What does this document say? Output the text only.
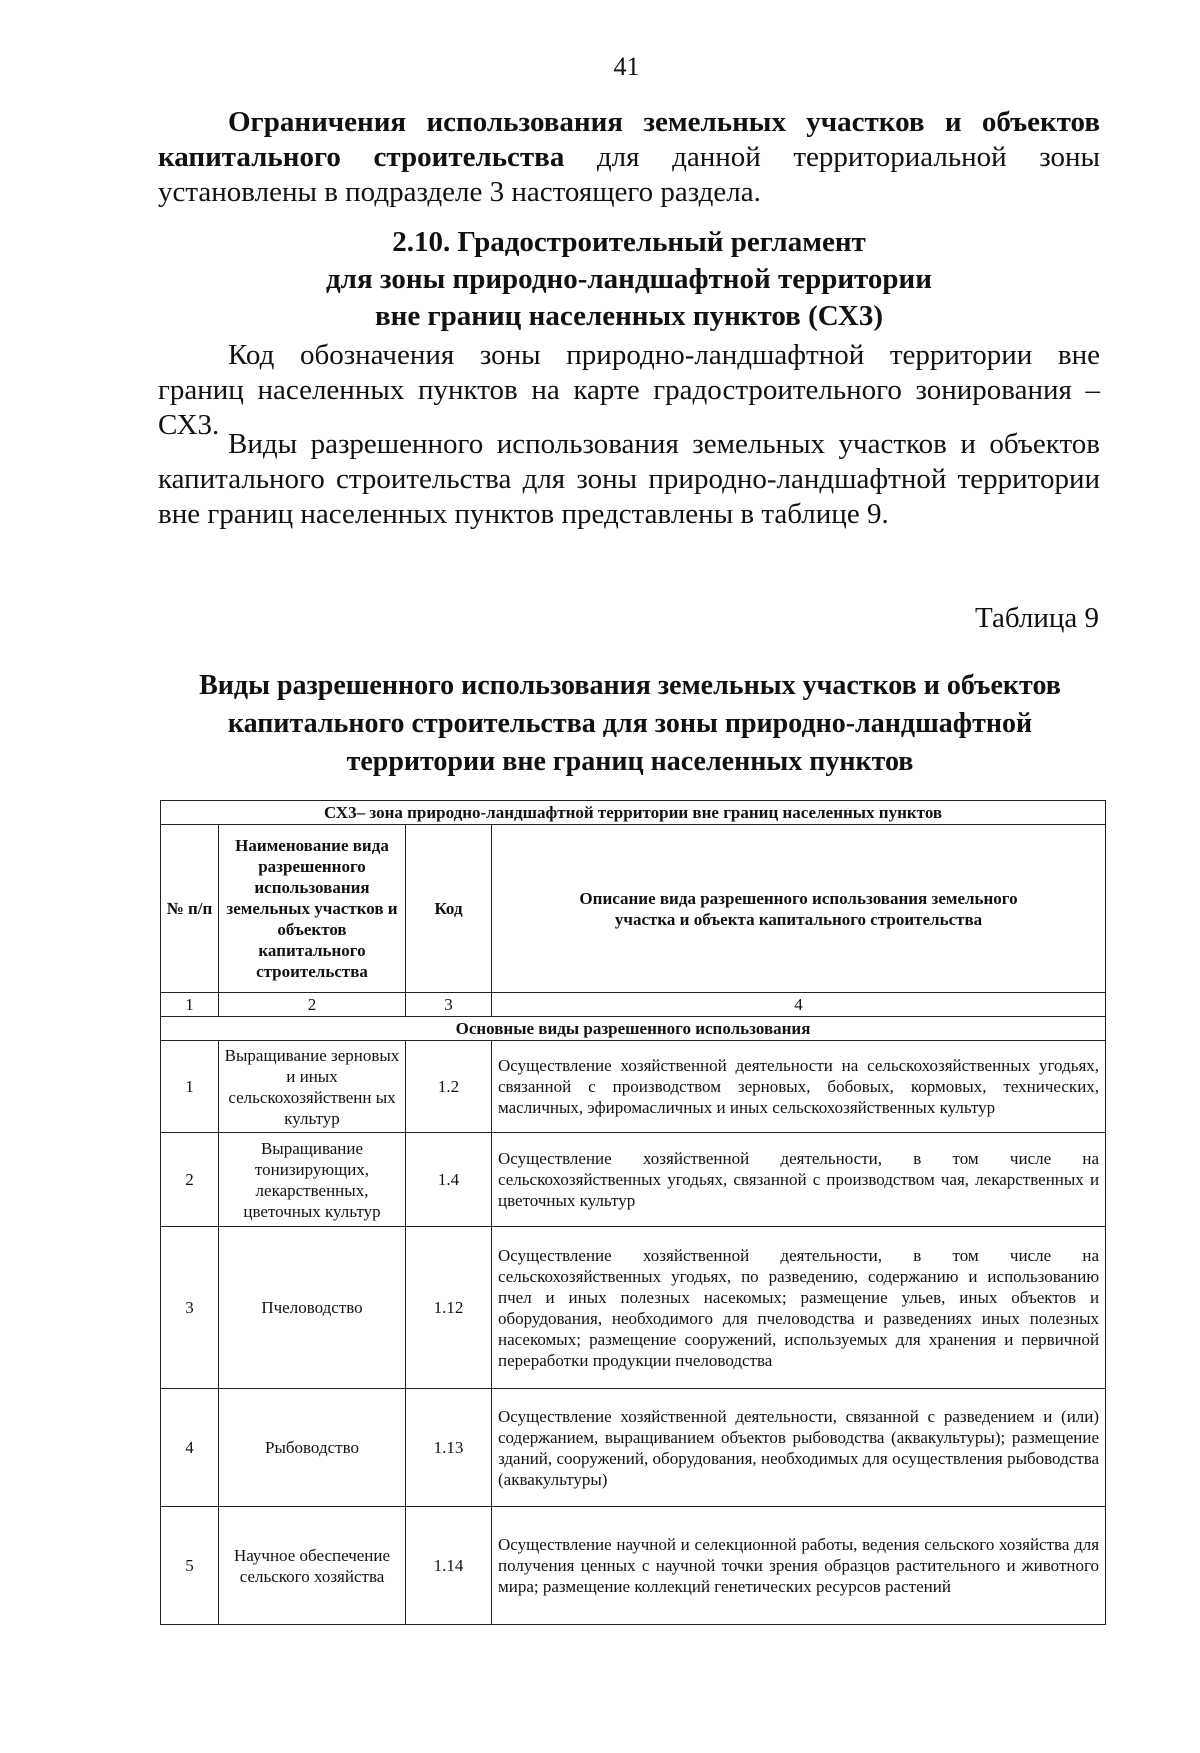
41

Ограничения использования земельных участков и объектов капитального строительства для данной территориальной зоны установлены в подразделе 3 настоящего раздела.

2.10. Градостроительный регламент
для зоны природно-ландшафтной территории
вне границ населенных пунктов (СХ3)

Код обозначения зоны природно-ландшафтной территории вне границ населенных пунктов на карте градостроительного зонирования – СХ3.

Виды разрешенного использования земельных участков и объектов капитального строительства для зоны природно-ландшафтной территории вне границ населенных пунктов представлены в таблице 9.

Таблица 9
Виды разрешенного использования земельных участков и объектов
капитального строительства для зоны природно-ландшафтной
территории вне границ населенных пунктов
СХ3– зона природно-ландшафтной территории вне границ населенных пунктов			
№ п/п	Наименование вида разрешенного использования земельных участков и объектов капитального строительства	Код	Описание вида разрешенного использования земельного участка и объекта капитального строительства
1	2	3	4
Основные виды разрешенного использования			
1	Выращивание зерновых и иных сельскохозяйственн ых культур	1.2	Осуществление хозяйственной деятельности на сельскохозяйственных угодьях, связанной с производством зерновых, бобовых, кормовых, технических, масличных, эфиромасличных и иных сельскохозяйственных культур
2	Выращивание тонизирующих, лекарственных, цветочных культур	1.4	Осуществление хозяйственной деятельности, в том числе на сельскохозяйственных угодьях, связанной с производством чая, лекарственных и цветочных культур
3	Пчеловодство	1.12	Осуществление хозяйственной деятельности, в том числе на сельскохозяйственных угодьях, по разведению, содержанию и использованию пчел и иных полезных насекомых; размещение ульев, иных объектов и оборудования, необходимого для пчеловодства и разведениях иных полезных насекомых; размещение сооружений, используемых для хранения и первичной переработки продукции пчеловодства
4	Рыбоводство	1.13	Осуществление хозяйственной деятельности, связанной с разведением и (или) содержанием, выращиванием объектов рыбоводства (аквакультуры); размещение зданий, сооружений, оборудования, необходимых для осуществления рыбоводства (аквакультуры)
5	Научное обеспечение сельского хозяйства	1.14	Осуществление научной и селекционной работы, ведения сельского хозяйства для получения ценных с научной точки зрения образцов растительного и животного мира; размещение коллекций генетических ресурсов растений
